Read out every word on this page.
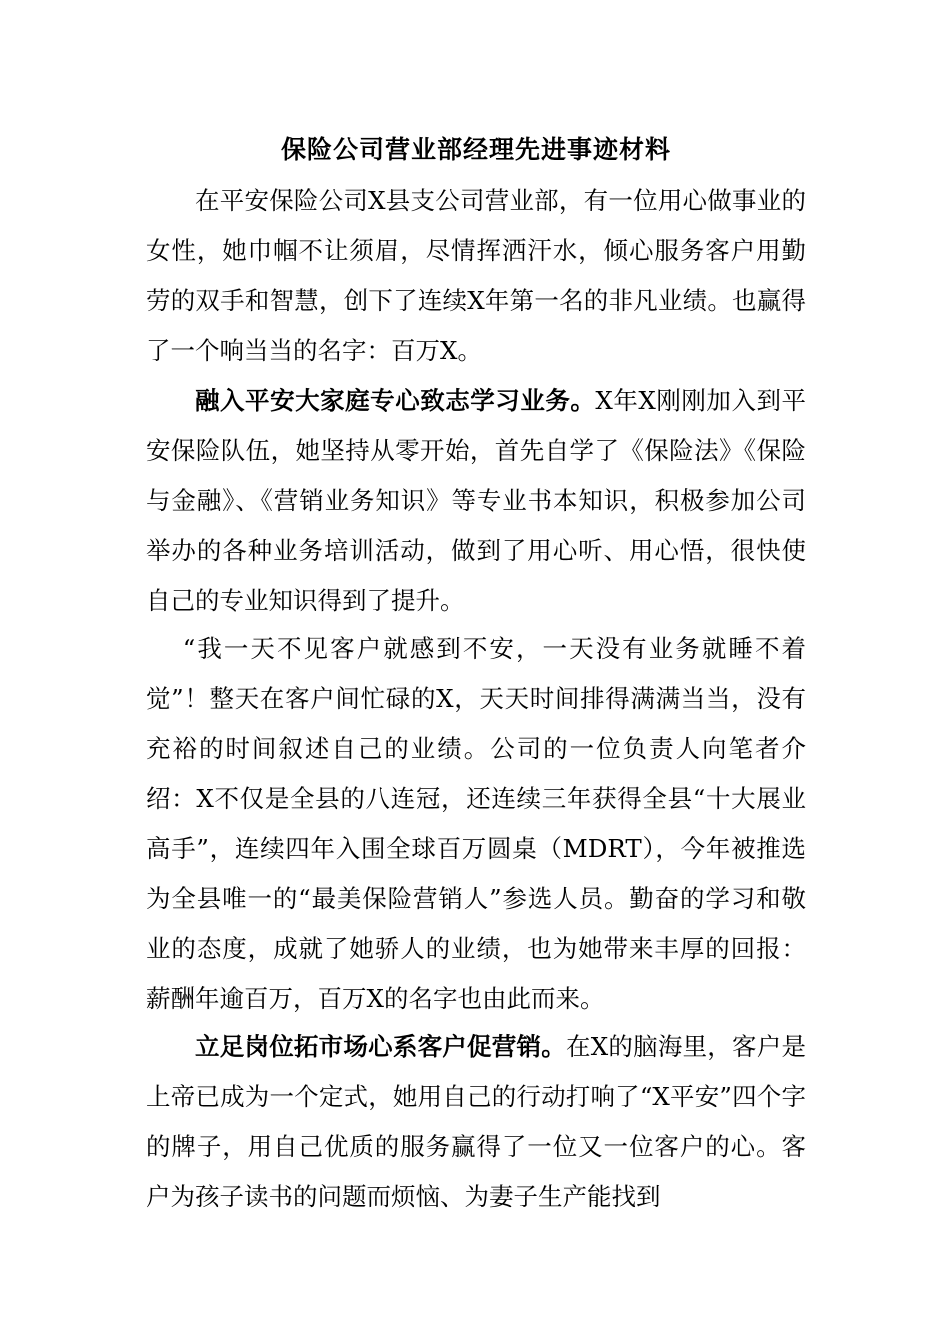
保险公司营业部经理先进事迹材料

在平安保险公司X县支公司营业部，有一位用心做事业的女性，她巾帼不让须眉，尽情挥洒汗水，倾心服务客户用勤劳的双手和智慧，创下了连续X年第一名的非凡业绩。也赢得了一个响当当的名字：百万X。

融入平安大家庭专心致志学习业务。X年X刚刚加入到平安保险队伍，她坚持从零开始，首先自学了《保险法》《保险与金融》、《营销业务知识》等专业书本知识，积极参加公司举办的各种业务培训活动，做到了用心听、用心悟，很快使自己的专业知识得到了提升。

“我一天不见客户就感到不安，一天没有业务就睡不着觉”！整天在客户间忙碌的X，天天时间排得满满当当，没有充裕的时间叙述自己的业绩。公司的一位负责人向笔者介绍：X不仅是全县的八连冠，还连续三年获得全县“十大展业高手”，连续四年入围全球百万圆桌（MDRT），今年被推选为全县唯一的“最美保险营销人”参选人员。勤奋的学习和敬业的态度，成就了她骄人的业绩，也为她带来丰厚的回报：薪酬年逾百万，百万X的名字也由此而来。

立足岗位拓市场心系客户促营销。在X的脑海里，客户是上帝已成为一个定式，她用自己的行动打响了“X平安”四个字的牌子，用自己优质的服务赢得了一位又一位客户的心。客户为孩子读书的问题而烦恼、为妻子生产能找到
